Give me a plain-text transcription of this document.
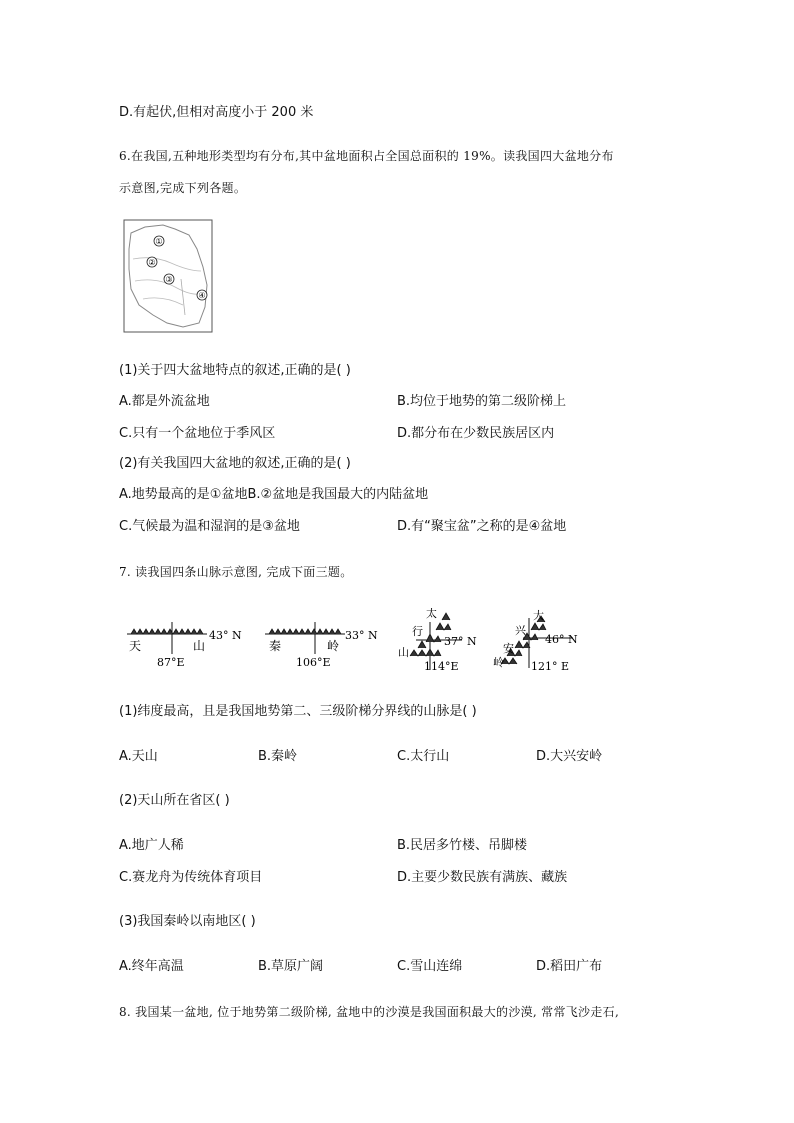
D.有起伏,但相对高度小于 200 米
6.在我国,五种地形类型均有分布,其中盆地面积占全国总面积的 19%。读我国四大盆地分布
示意图,完成下列各题。
①
②
③
④
(1)关于四大盆地特点的叙述,正确的是( )
A.都是外流盆地	B.均位于地势的第二级阶梯上
C.只有一个盆地位于季风区	D.都分布在少数民族居区内
(2)有关我国四大盆地的叙述,正确的是( )
A.地势最高的是①盆地B.②盆地是我国最大的内陆盆地
C.气候最为温和湿润的是③盆地	D.有“聚宝盆”之称的是④盆地
7. 读我国四条山脉示意图, 完成下面三题。
天	山
43° N
87°E
秦	岭
33° N
106°E
太
行
山
37° N
114°E
大
兴
安
岭
46° N
121° E
(1)纬度最高，且是我国地势第二、三级阶梯分界线的山脉是( )
A.天山	B.秦岭	C.太行山	D.大兴安岭
(2)天山所在省区( )
A.地广人稀	B.民居多竹楼、吊脚楼
C.赛龙舟为传统体育项目	D.主要少数民族有满族、藏族
(3)我国秦岭以南地区( )
A.终年高温	B.草原广阔	C.雪山连绵	D.稻田广布
8. 我国某一盆地, 位于地势第二级阶梯, 盆地中的沙漠是我国面积最大的沙漠, 常常飞沙走石,
